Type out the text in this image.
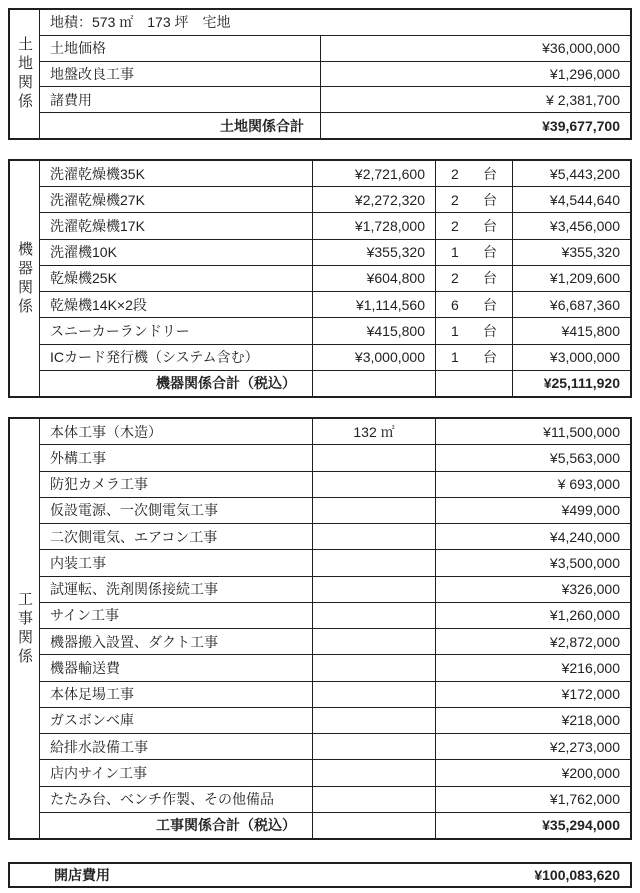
土地関係
地積：573 ㎡　173 坪　宅地
土地価格	¥36,000,000
地盤改良工事	¥1,296,000
諸費用	¥ 2,381,700
土地関係合計	¥39,677,700
機器関係
洗濯乾燥機35K	¥2,721,600	2 台	¥5,443,200
洗濯乾燥機27K	¥2,272,320	2 台	¥4,544,640
洗濯乾燥機17K	¥1,728,000	2 台	¥3,456,000
洗濯機10K	¥355,320	1 台	¥355,320
乾燥機25K	¥604,800	2 台	¥1,209,600
乾燥機14K×2段	¥1,114,560	6 台	¥6,687,360
スニーカーランドリー	¥415,800	1 台	¥415,800
ICカード発行機（システム含む）	¥3,000,000	1 台	¥3,000,000
機器関係合計（税込）	¥25,111,920
工事関係
本体工事（木造）	132 ㎡	¥11,500,000
外構工事	¥5,563,000
防犯カメラ工事	¥ 693,000
仮設電源、一次側電気工事	¥499,000
二次側電気、エアコン工事	¥4,240,000
内装工事	¥3,500,000
試運転、洗剤関係接続工事	¥326,000
サイン工事	¥1,260,000
機器搬入設置、ダクト工事	¥2,872,000
機器輸送費	¥216,000
本体足場工事	¥172,000
ガスボンベ庫	¥218,000
給排水設備工事	¥2,273,000
店内サイン工事	¥200,000
たたみ台、ベンチ作製、その他備品	¥1,762,000
工事関係合計（税込）	¥35,294,000
開店費用	¥100,083,620
